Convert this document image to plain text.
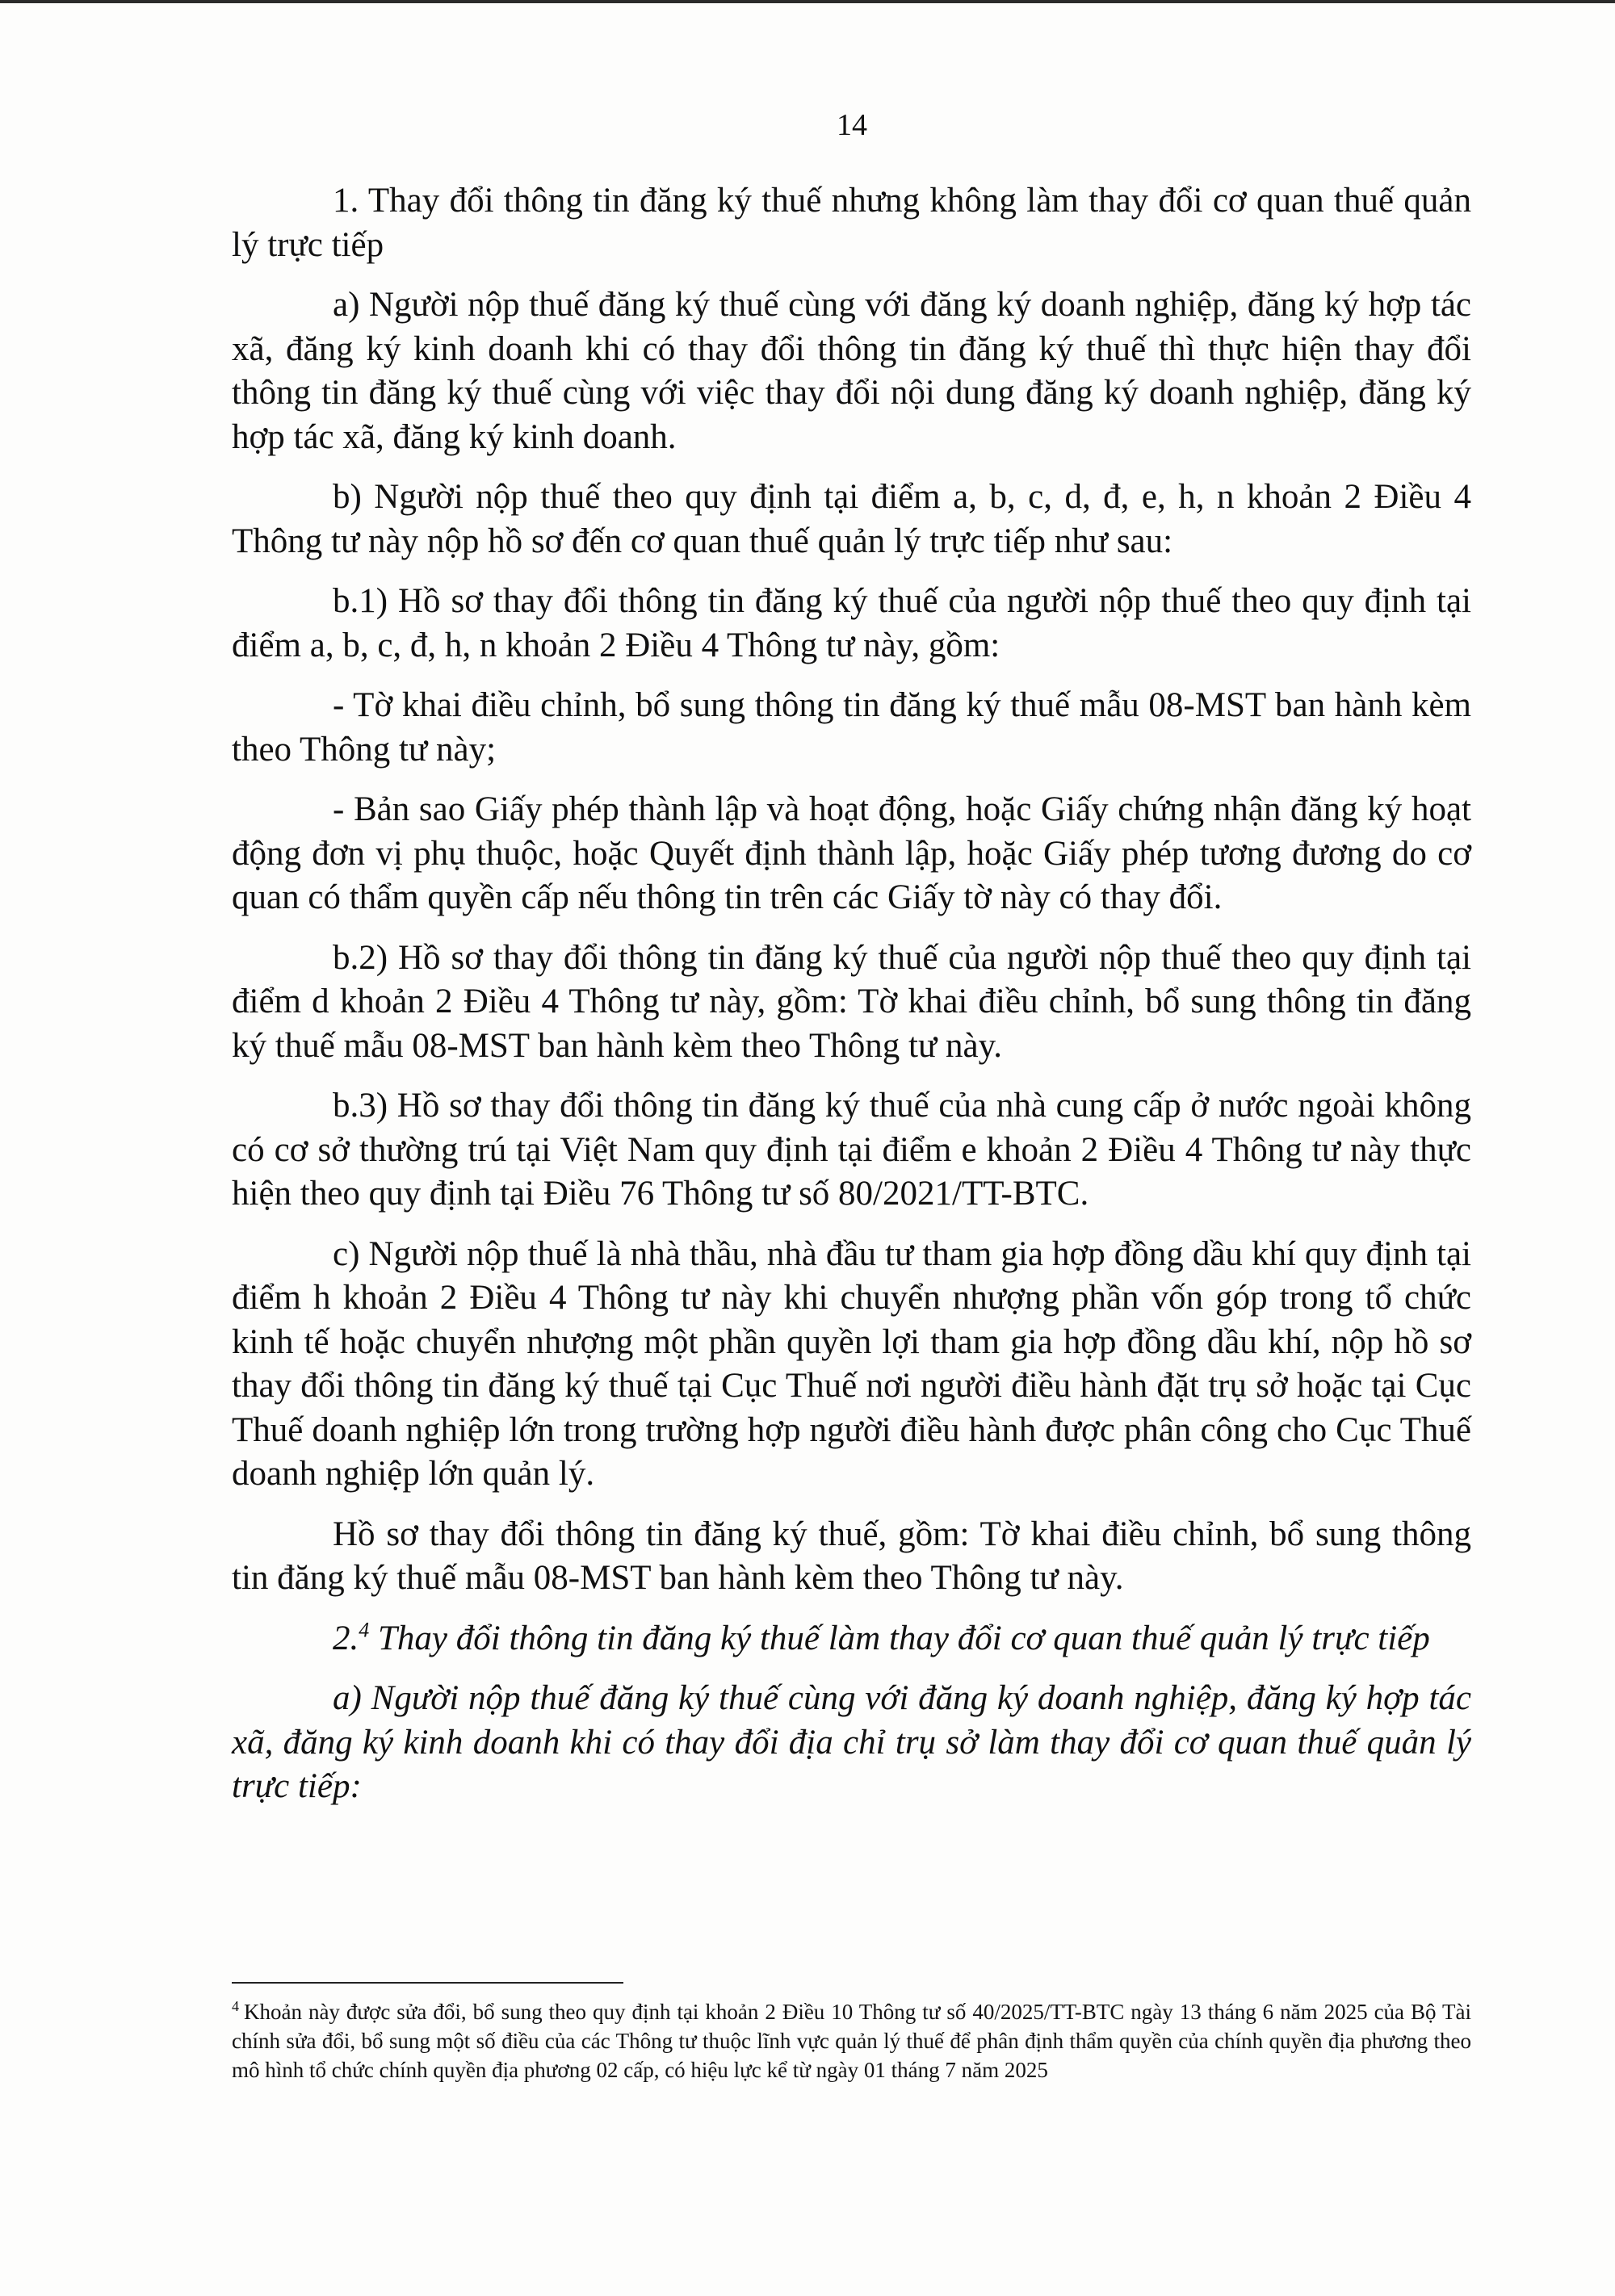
14

1. Thay đổi thông tin đăng ký thuế nhưng không làm thay đổi cơ quan thuế quản lý trực tiếp

a) Người nộp thuế đăng ký thuế cùng với đăng ký doanh nghiệp, đăng ký hợp tác xã, đăng ký kinh doanh khi có thay đổi thông tin đăng ký thuế thì thực hiện thay đổi thông tin đăng ký thuế cùng với việc thay đổi nội dung đăng ký doanh nghiệp, đăng ký hợp tác xã, đăng ký kinh doanh.

b) Người nộp thuế theo quy định tại điểm a, b, c, d, đ, e, h, n khoản 2 Điều 4 Thông tư này nộp hồ sơ đến cơ quan thuế quản lý trực tiếp như sau:

b.1) Hồ sơ thay đổi thông tin đăng ký thuế của người nộp thuế theo quy định tại điểm a, b, c, đ, h, n khoản 2 Điều 4 Thông tư này, gồm:

- Tờ khai điều chỉnh, bổ sung thông tin đăng ký thuế mẫu 08-MST ban hành kèm theo Thông tư này;

- Bản sao Giấy phép thành lập và hoạt động, hoặc Giấy chứng nhận đăng ký hoạt động đơn vị phụ thuộc, hoặc Quyết định thành lập, hoặc Giấy phép tương đương do cơ quan có thẩm quyền cấp nếu thông tin trên các Giấy tờ này có thay đổi.

b.2) Hồ sơ thay đổi thông tin đăng ký thuế của người nộp thuế theo quy định tại điểm d khoản 2 Điều 4 Thông tư này, gồm: Tờ khai điều chỉnh, bổ sung thông tin đăng ký thuế mẫu 08-MST ban hành kèm theo Thông tư này.

b.3) Hồ sơ thay đổi thông tin đăng ký thuế của nhà cung cấp ở nước ngoài không có cơ sở thường trú tại Việt Nam quy định tại điểm e khoản 2 Điều 4 Thông tư này thực hiện theo quy định tại Điều 76 Thông tư số 80/2021/TT-BTC.

c) Người nộp thuế là nhà thầu, nhà đầu tư tham gia hợp đồng dầu khí quy định tại điểm h khoản 2 Điều 4 Thông tư này khi chuyển nhượng phần vốn góp trong tổ chức kinh tế hoặc chuyển nhượng một phần quyền lợi tham gia hợp đồng dầu khí, nộp hồ sơ thay đổi thông tin đăng ký thuế tại Cục Thuế nơi người điều hành đặt trụ sở hoặc tại Cục Thuế doanh nghiệp lớn trong trường hợp người điều hành được phân công cho Cục Thuế doanh nghiệp lớn quản lý.

Hồ sơ thay đổi thông tin đăng ký thuế, gồm: Tờ khai điều chỉnh, bổ sung thông tin đăng ký thuế mẫu 08-MST ban hành kèm theo Thông tư này.

2.$^4$ Thay đổi thông tin đăng ký thuế làm thay đổi cơ quan thuế quản lý trực tiếp

a) Người nộp thuế đăng ký thuế cùng với đăng ký doanh nghiệp, đăng ký hợp tác xã, đăng ký kinh doanh khi có thay đổi địa chỉ trụ sở làm thay đổi cơ quan thuế quản lý trực tiếp:

$^4$ Khoản này được sửa đổi, bổ sung theo quy định tại khoản 2 Điều 10 Thông tư số 40/2025/TT-BTC ngày 13 tháng 6 năm 2025 của Bộ Tài chính sửa đổi, bổ sung một số điều của các Thông tư thuộc lĩnh vực quản lý thuế để phân định thẩm quyền của chính quyền địa phương theo mô hình tổ chức chính quyền địa phương 02 cấp, có hiệu lực kể từ ngày 01 tháng 7 năm 2025
